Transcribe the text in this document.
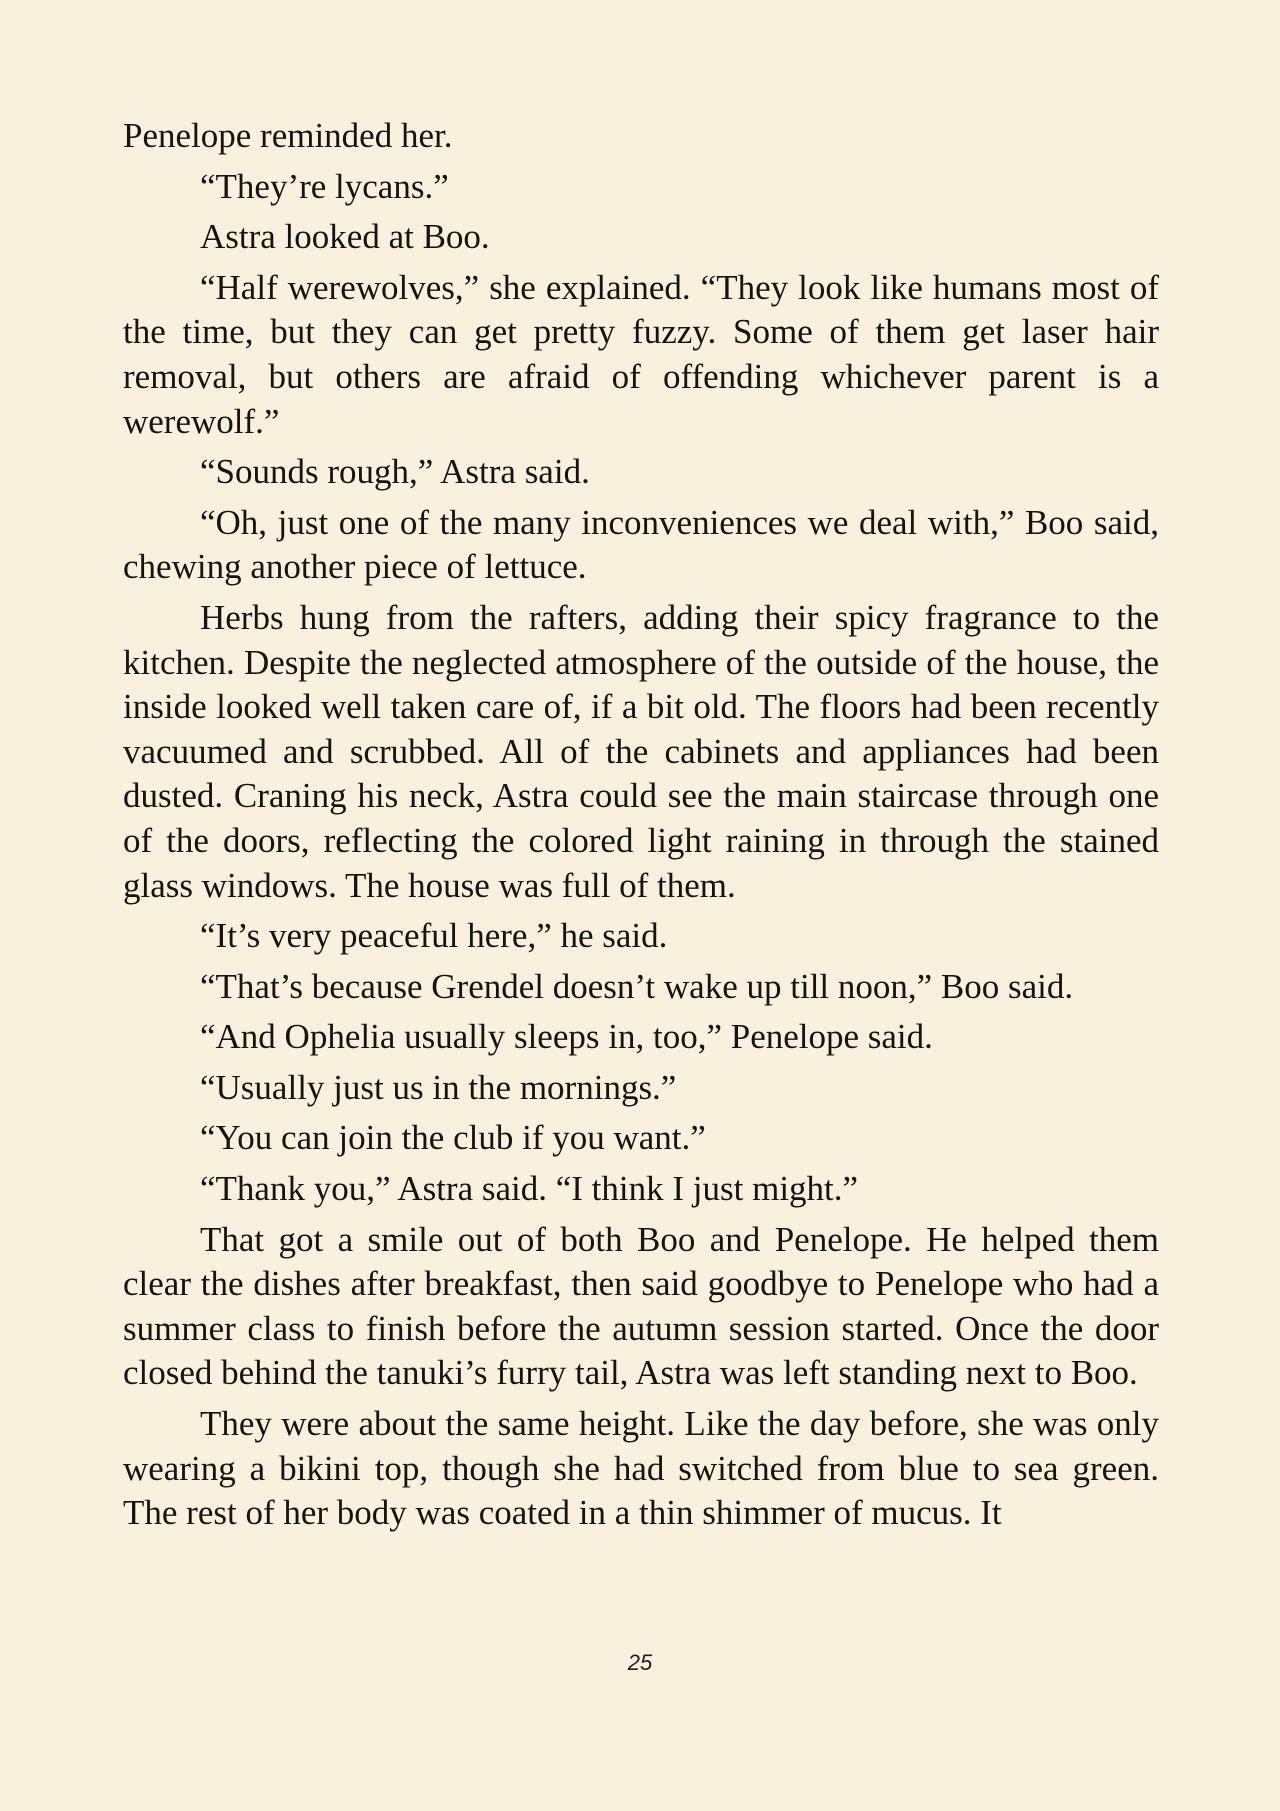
Penelope reminded her.

“They’re lycans.”

Astra looked at Boo.

“Half werewolves,” she explained. “They look like humans most of the time, but they can get pretty fuzzy. Some of them get laser hair removal, but others are afraid of offending whichever parent is a werewolf.”

“Sounds rough,” Astra said.

“Oh, just one of the many inconveniences we deal with,” Boo said, chewing another piece of lettuce.

Herbs hung from the rafters, adding their spicy fragrance to the kitchen. Despite the neglected atmosphere of the outside of the house, the inside looked well taken care of, if a bit old. The floors had been recently vacuumed and scrubbed. All of the cabinets and appliances had been dusted. Craning his neck, Astra could see the main staircase through one of the doors, reflecting the colored light raining in through the stained glass windows. The house was full of them.

“It’s very peaceful here,” he said.

“That’s because Grendel doesn’t wake up till noon,” Boo said.

“And Ophelia usually sleeps in, too,” Penelope said.

“Usually just us in the mornings.”

“You can join the club if you want.”

“Thank you,” Astra said. “I think I just might.”

That got a smile out of both Boo and Penelope. He helped them clear the dishes after breakfast, then said goodbye to Penelope who had a summer class to finish before the autumn session started. Once the door closed behind the tanuki’s furry tail, Astra was left standing next to Boo.

They were about the same height. Like the day before, she was only wearing a bikini top, though she had switched from blue to sea green. The rest of her body was coated in a thin shimmer of mucus. It

25
